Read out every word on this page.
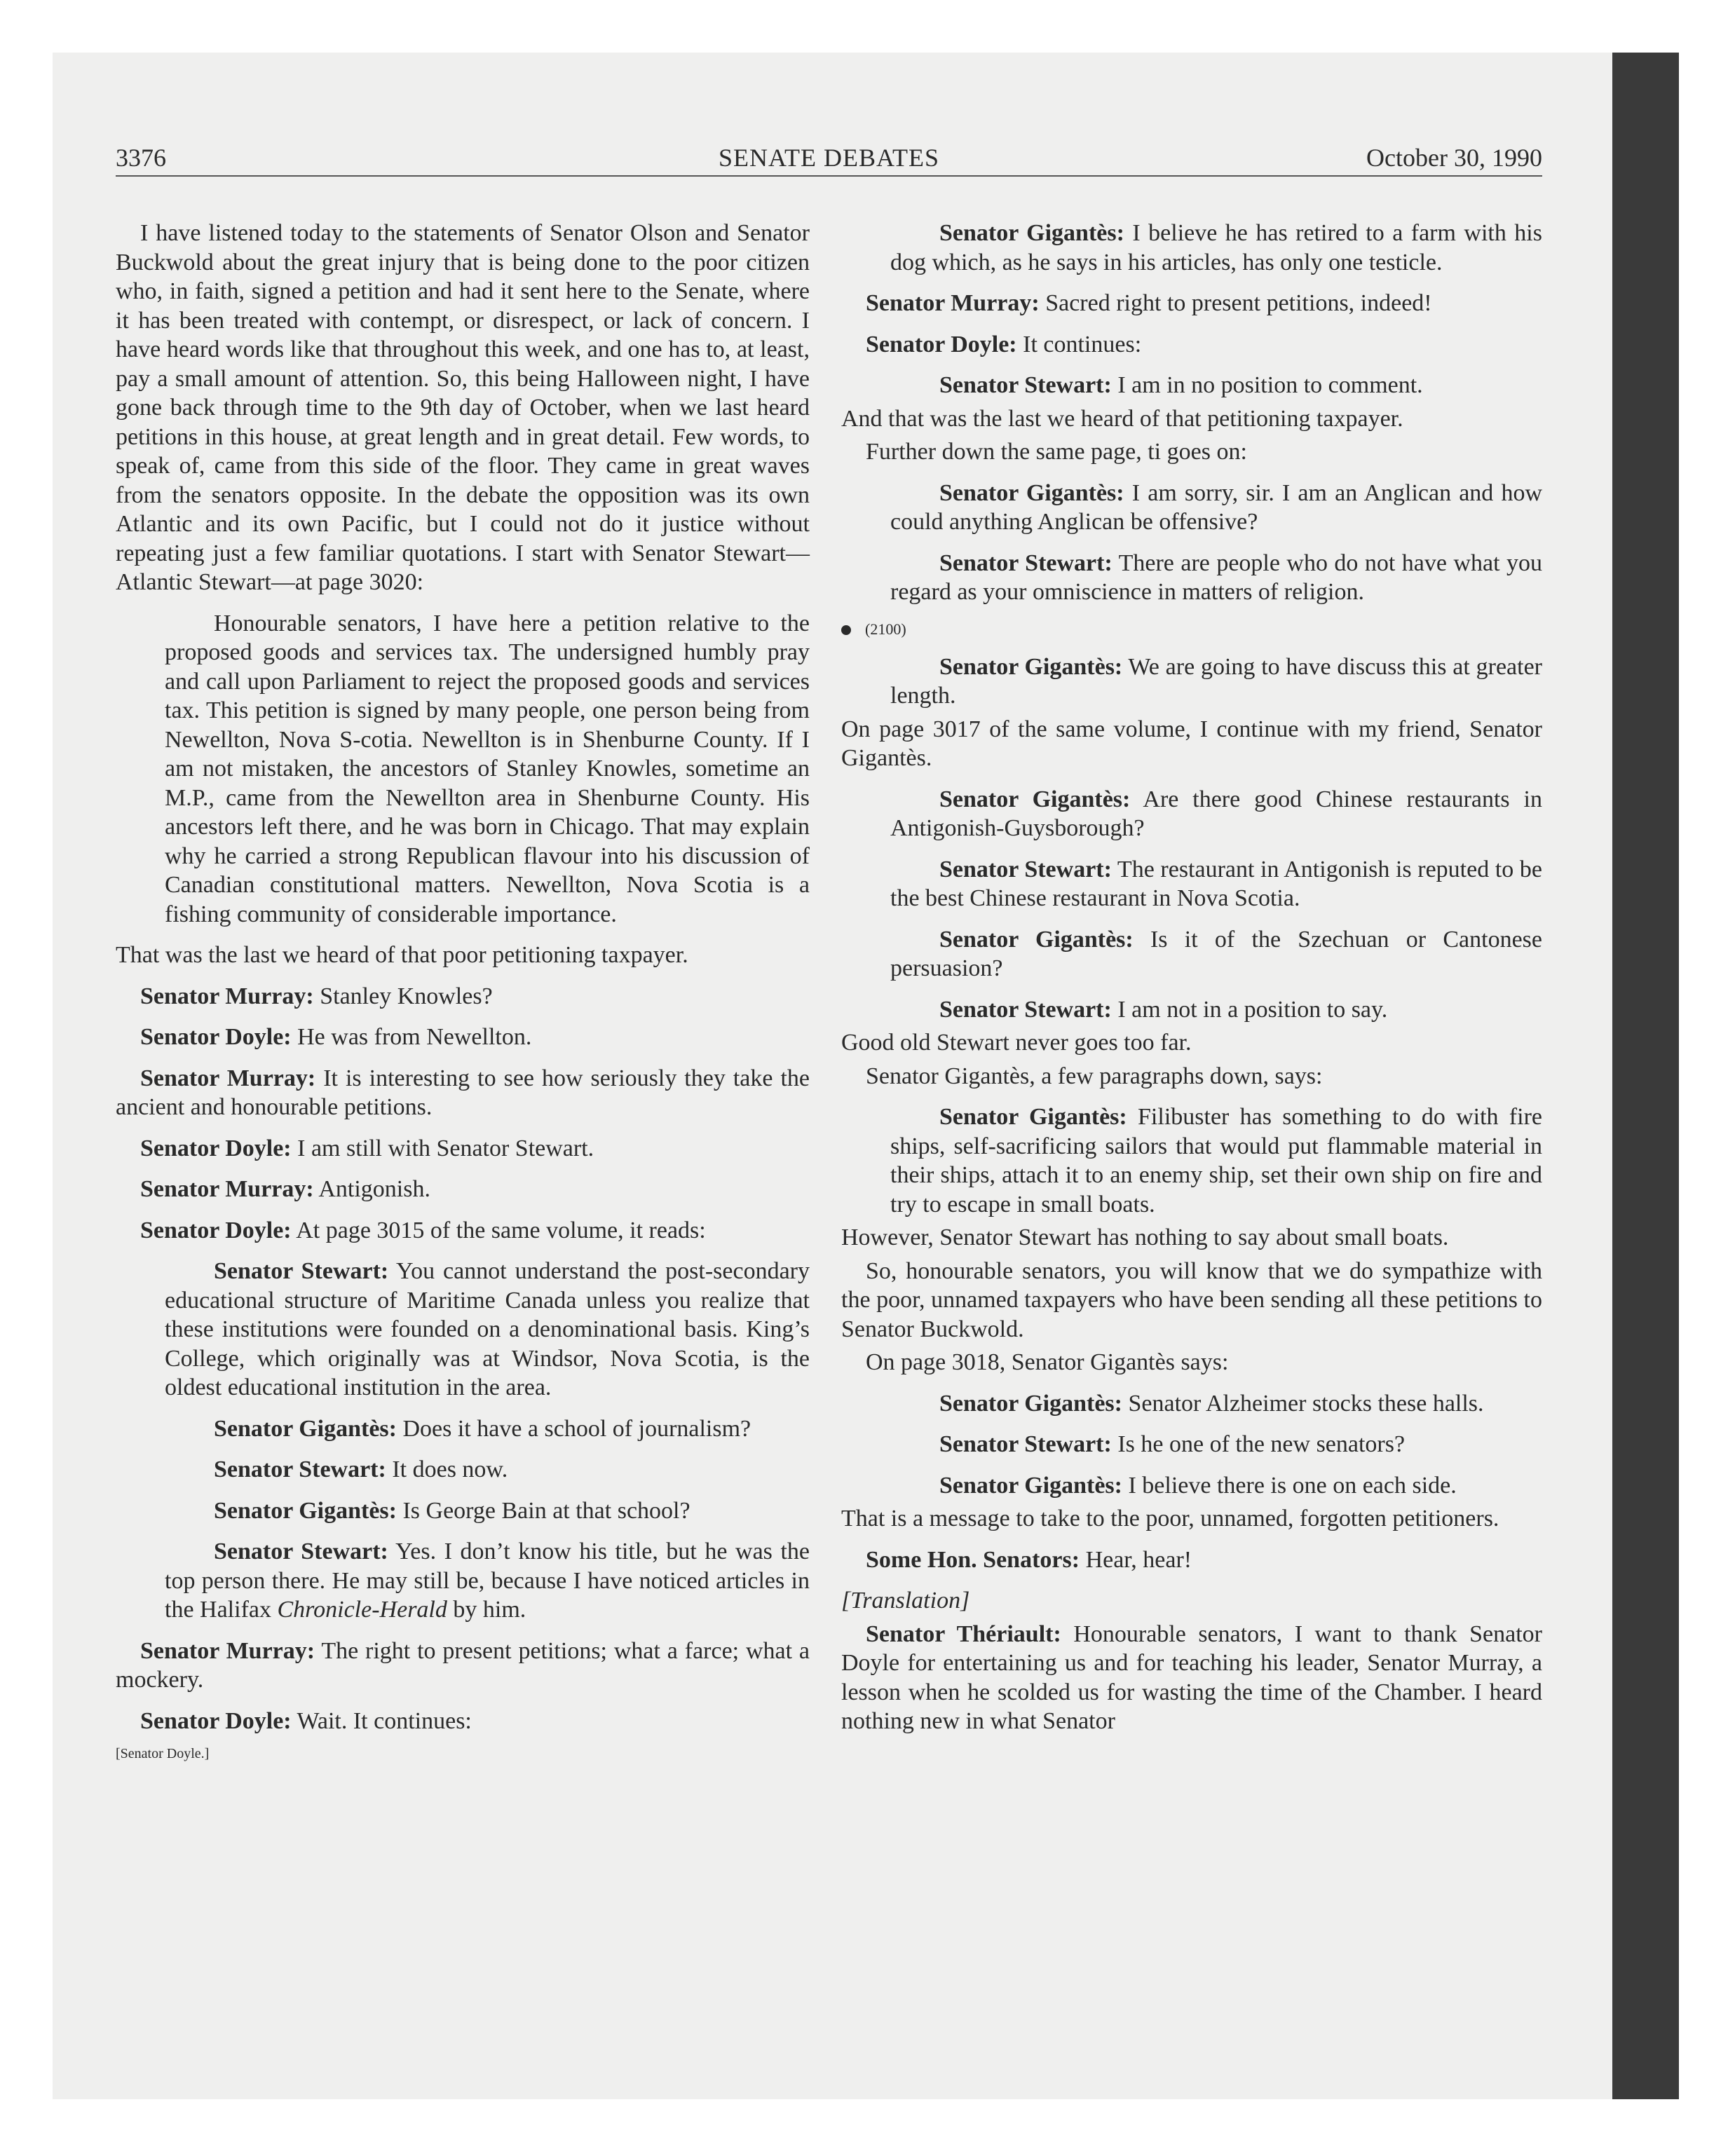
3376	SENATE DEBATES	October 30, 1990

I have listened today to the statements of Senator Olson and Senator Buckwold about the great injury that is being done to the poor citizen who, in faith, signed a petition and had it sent here to the Senate, where it has been treated with contempt, or disrespect, or lack of concern. I have heard words like that throughout this week, and one has to, at least, pay a small amount of attention. So, this being Halloween night, I have gone back through time to the 9th day of October, when we last heard petitions in this house, at great length and in great detail. Few words, to speak of, came from this side of the floor. They came in great waves from the senators opposite. In the debate the opposition was its own Atlantic and its own Pacific, but I could not do it justice without repeating just a few familiar quotations. I start with Senator Stewart—Atlantic Stewart—at page 3020:

Honourable senators, I have here a petition relative to the proposed goods and services tax. The undersigned humbly pray and call upon Parliament to reject the proposed goods and services tax. This petition is signed by many people, one person being from Newellton, Nova S-cotia. Newellton is in Shenburne County. If I am not mistaken, the ancestors of Stanley Knowles, sometime an M.P., came from the Newellton area in Shenburne County. His ancestors left there, and he was born in Chicago. That may explain why he carried a strong Republican flavour into his discussion of Canadian constitutional matters. Newellton, Nova Scotia is a fishing community of considerable importance.

That was the last we heard of that poor petitioning taxpayer.

Senator Murray: Stanley Knowles?

Senator Doyle: He was from Newellton.

Senator Murray: It is interesting to see how seriously they take the ancient and honourable petitions.

Senator Doyle: I am still with Senator Stewart.

Senator Murray: Antigonish.

Senator Doyle: At page 3015 of the same volume, it reads:

Senator Stewart: You cannot understand the post-secondary educational structure of Maritime Canada unless you realize that these institutions were founded on a denominational basis. King’s College, which originally was at Windsor, Nova Scotia, is the oldest educational institution in the area.

Senator Gigantès: Does it have a school of journalism?

Senator Stewart: It does now.

Senator Gigantès: Is George Bain at that school?

Senator Stewart: Yes. I don’t know his title, but he was the top person there. He may still be, because I have noticed articles in the Halifax Chronicle-Herald by him.

Senator Murray: The right to present petitions; what a farce; what a mockery.

Senator Doyle: Wait. It continues:

[Senator Doyle.]

Senator Gigantès: I believe he has retired to a farm with his dog which, as he says in his articles, has only one testicle.

Senator Murray: Sacred right to present petitions, indeed!

Senator Doyle: It continues:

Senator Stewart: I am in no position to comment.

And that was the last we heard of that petitioning taxpayer.

Further down the same page, ti goes on:

Senator Gigantès: I am sorry, sir. I am an Anglican and how could anything Anglican be offensive?

Senator Stewart: There are people who do not have what you regard as your omniscience in matters of religion.

(2100)

Senator Gigantès: We are going to have discuss this at greater length.

On page 3017 of the same volume, I continue with my friend, Senator Gigantès.

Senator Gigantès: Are there good Chinese restaurants in Antigonish-Guysborough?

Senator Stewart: The restaurant in Antigonish is reputed to be the best Chinese restaurant in Nova Scotia.

Senator Gigantès: Is it of the Szechuan or Cantonese persuasion?

Senator Stewart: I am not in a position to say.

Good old Stewart never goes too far.

Senator Gigantès, a few paragraphs down, says:

Senator Gigantès: Filibuster has something to do with fire ships, self-sacrificing sailors that would put flammable material in their ships, attach it to an enemy ship, set their own ship on fire and try to escape in small boats.

However, Senator Stewart has nothing to say about small boats.

So, honourable senators, you will know that we do sympathize with the poor, unnamed taxpayers who have been sending all these petitions to Senator Buckwold.

On page 3018, Senator Gigantès says:

Senator Gigantès: Senator Alzheimer stocks these halls.

Senator Stewart: Is he one of the new senators?

Senator Gigantès: I believe there is one on each side.

That is a message to take to the poor, unnamed, forgotten petitioners.

Some Hon. Senators: Hear, hear!

[Translation]

Senator Thériault: Honourable senators, I want to thank Senator Doyle for entertaining us and for teaching his leader, Senator Murray, a lesson when he scolded us for wasting the time of the Chamber. I heard nothing new in what Senator
